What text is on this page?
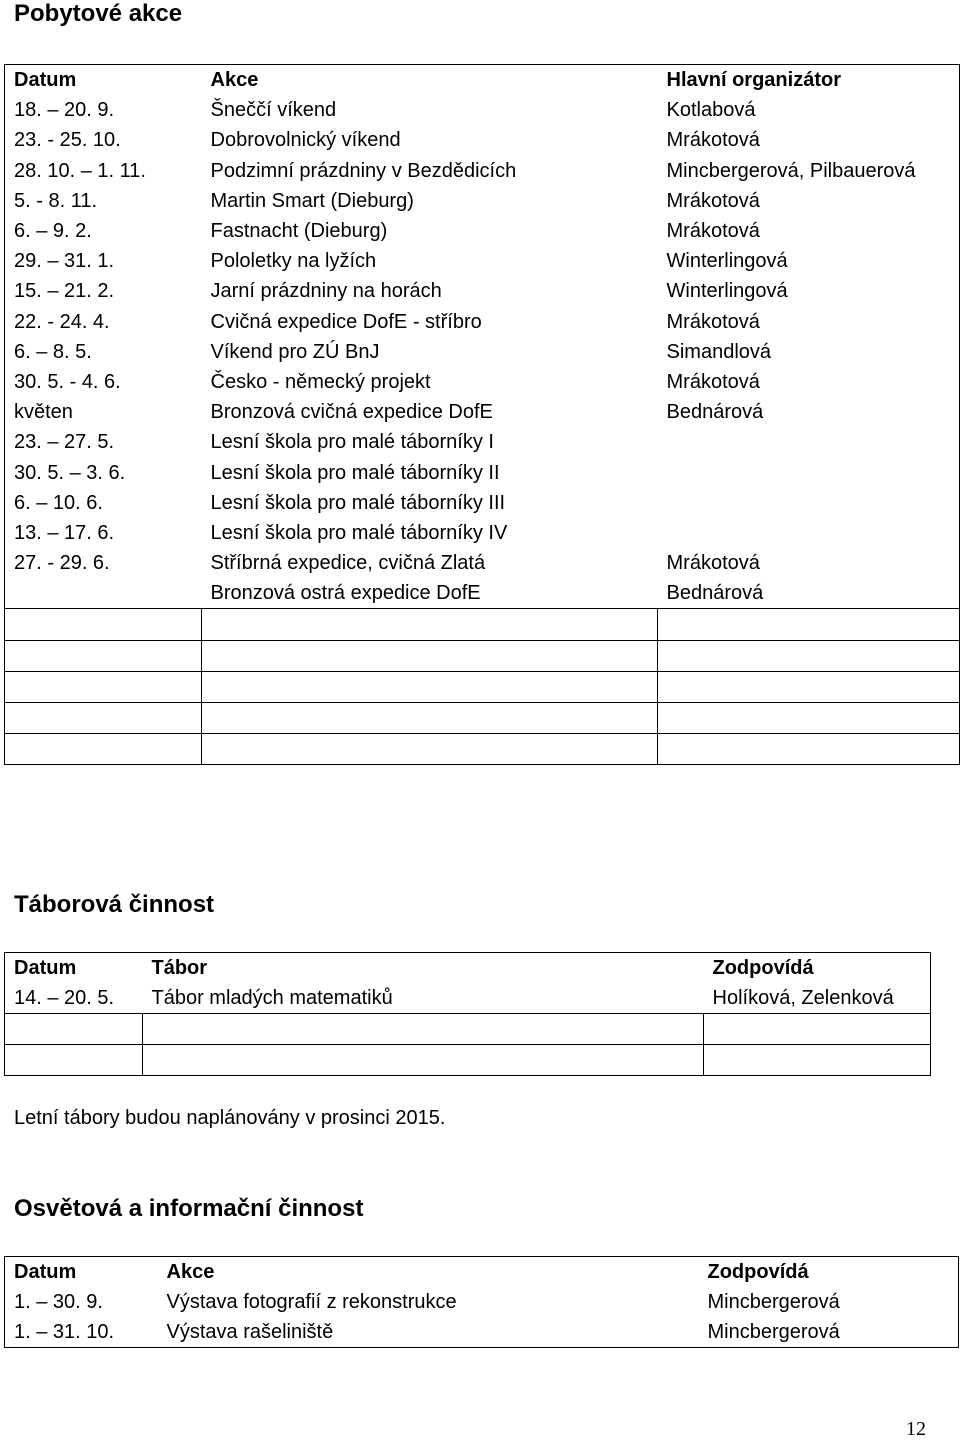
Pobytové akce
Datum	Akce	Hlavní organizátor
18. – 20. 9.	Šneččí víkend	Kotlabová
23. - 25. 10.	Dobrovolnický víkend	Mrákotová
28. 10. – 1. 11.	Podzimní prázdniny v Bezdědicích	Mincbergerová, Pilbauerová
5. - 8. 11.	Martin Smart (Dieburg)	Mrákotová
6. – 9. 2.	Fastnacht (Dieburg)	Mrákotová
29. – 31. 1.	Pololetky na lyžích	Winterlingová
15. – 21. 2.	Jarní prázdniny na horách	Winterlingová
22. - 24. 4.	Cvičná expedice DofE - stříbro	Mrákotová
6. – 8. 5.	Víkend pro ZÚ BnJ	Simandlová
30. 5. - 4. 6.	Česko - německý projekt	Mrákotová
květen	Bronzová cvičná expedice DofE	Bednárová
23. – 27. 5.	Lesní škola pro malé táborníky I	
30. 5. – 3. 6.	Lesní škola pro malé táborníky II	
6. – 10. 6.	Lesní škola pro malé táborníky III	
13. – 17. 6.	Lesní škola pro malé táborníky IV	
27. - 29. 6.	Stříbrná expedice, cvičná Zlatá	Mrákotová
	Bronzová ostrá expedice DofE	Bednárová

Táborová činnost
Datum	Tábor	Zodpovídá
14. – 20. 5.	Tábor mladých matematiků	Holíková, Zelenková

Letní tábory budou naplánovány v prosinci 2015.

Osvětová a informační činnost
Datum	Akce	Zodpovídá
1. – 30. 9.	Výstava fotografií z rekonstrukce	Mincbergerová
1. – 31. 10.	Výstava rašeliniště	Mincbergerová
12
